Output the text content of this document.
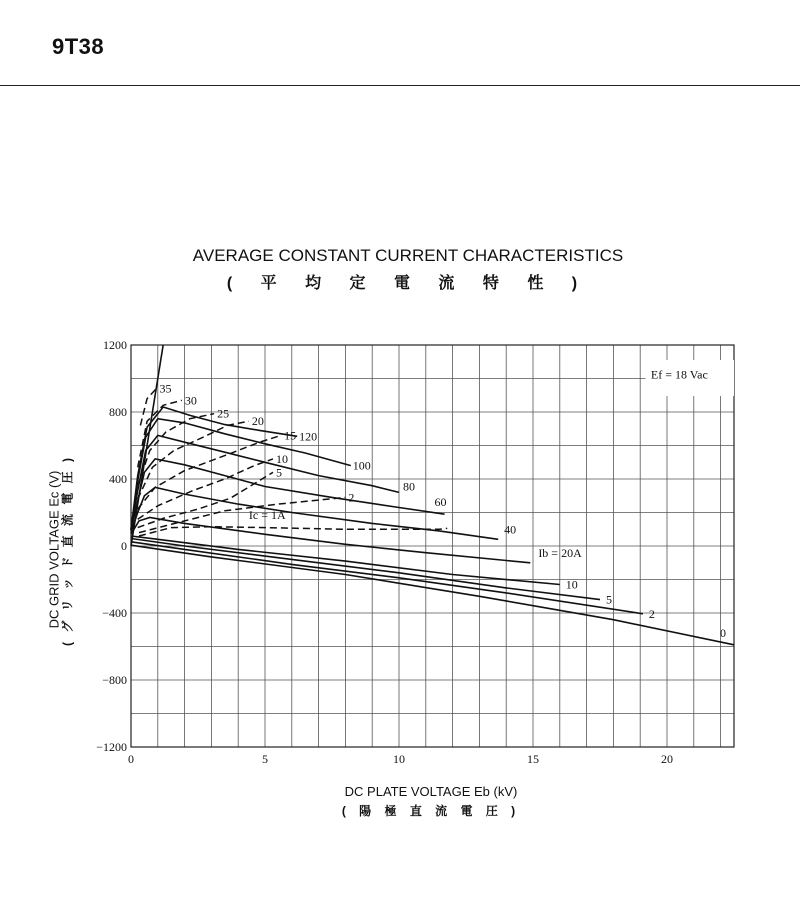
9T38
AVERAGE CONSTANT CURRENT CHARACTERISTICS
( 平 均 定 電 流 特 性 )
0	5	10	15	20
1200
800
400
0
−400
−800
−1200
120
100
80
60
40
Ib = 20A
10
5
2
0
35
30
25
20
15
10
5
2
Ic = 1A
Ef = 18 Vac
DC PLATE VOLTAGE Eb (kV)
( 陽 極 直 流 電 圧 )
DC GRID VOLTAGE Ec (V) ( グ リ ッ ド 直 流 電 圧 )
